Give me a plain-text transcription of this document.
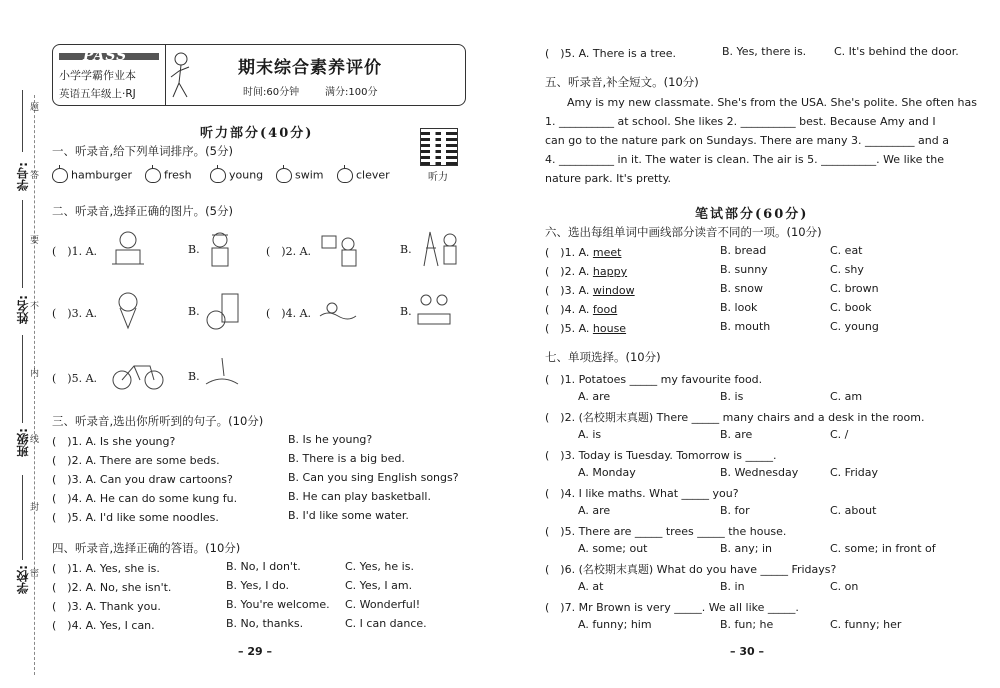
学号:
姓名:
班级:
学校:
题
答
要
不
内
线
封
密
PASS
小学学霸作业本
英语五年级上·RJ
期末综合素养评价
时间:60分钟	满分:100分
听力部分(40分)
听力
一、听录音,给下列单词排序。(5分)
hamburger	fresh	young	swim	clever
二、听录音,选择正确的图片。(5分)
(　)1. A.	B.	(　)2. A.	B.
(　)3. A.	B.	(　)4. A.	B.
(　)5. A.	B.
三、听录音,选出你所听到的句子。(10分)
(　)1. A. Is she young?	B. Is he young?
(　)2. A. There are some beds.	B. There is a big bed.
(　)3. A. Can you draw cartoons?	B. Can you sing English songs?
(　)4. A. He can do some kung fu.	B. He can play basketball.
(　)5. A. I'd like some noodles.	B. I'd like some water.
四、听录音,选择正确的答语。(10分)
(　)1. A. Yes, she is.	B. No, I don't.	C. Yes, he is.
(　)2. A. No, she isn't.	B. Yes, I do.	C. Yes, I am.
(　)3. A. Thank you.	B. You're welcome. C. Wonderful!
(　)4. A. Yes, I can.	B. No, thanks.	C. I can dance.
– 29 –
(　)5. A. There is a tree.	B. Yes, there is.	C. It's behind the door.
五、听录音,补全短文。(10分)
Amy is my new classmate. She's from the USA. She's polite. She often has
1. __________ at school. She likes 2. __________ best. Because Amy and I
can go to the nature park on Sundays. There are many 3. _________ and a
4. __________ in it. The water is clean. The air is 5. __________. We like the
nature park. It's pretty.
笔试部分(60分)
六、选出每组单词中画线部分读音不同的一项。(10分)
(　)1. A. meet	B. bread	C. eat
(　)2. A. happy	B. sunny	C. shy
(　)3. A. window	B. snow	C. brown
(　)4. A. food	B. look	C. book
(　)5. A. house	B. mouth	C. young
七、单项选择。(10分)
(　)1. Potatoes _____ my favourite food.
A. are	B. is	C. am
(　)2. (名校期末真题) There _____ many chairs and a desk in the room.
A. is	B. are	C. /
(　)3. Today is Tuesday. Tomorrow is _____.
A. Monday	B. Wednesday	C. Friday
(　)4. I like maths. What _____ you?
A. are	B. for	C. about
(　)5. There are _____ trees _____ the house.
A. some; out	B. any; in	C. some; in front of
(　)6. (名校期末真题) What do you have _____ Fridays?
A. at	B. in	C. on
(　)7. Mr Brown is very _____. We all like _____.
A. funny; him	B. fun; he	C. funny; her
– 30 –
